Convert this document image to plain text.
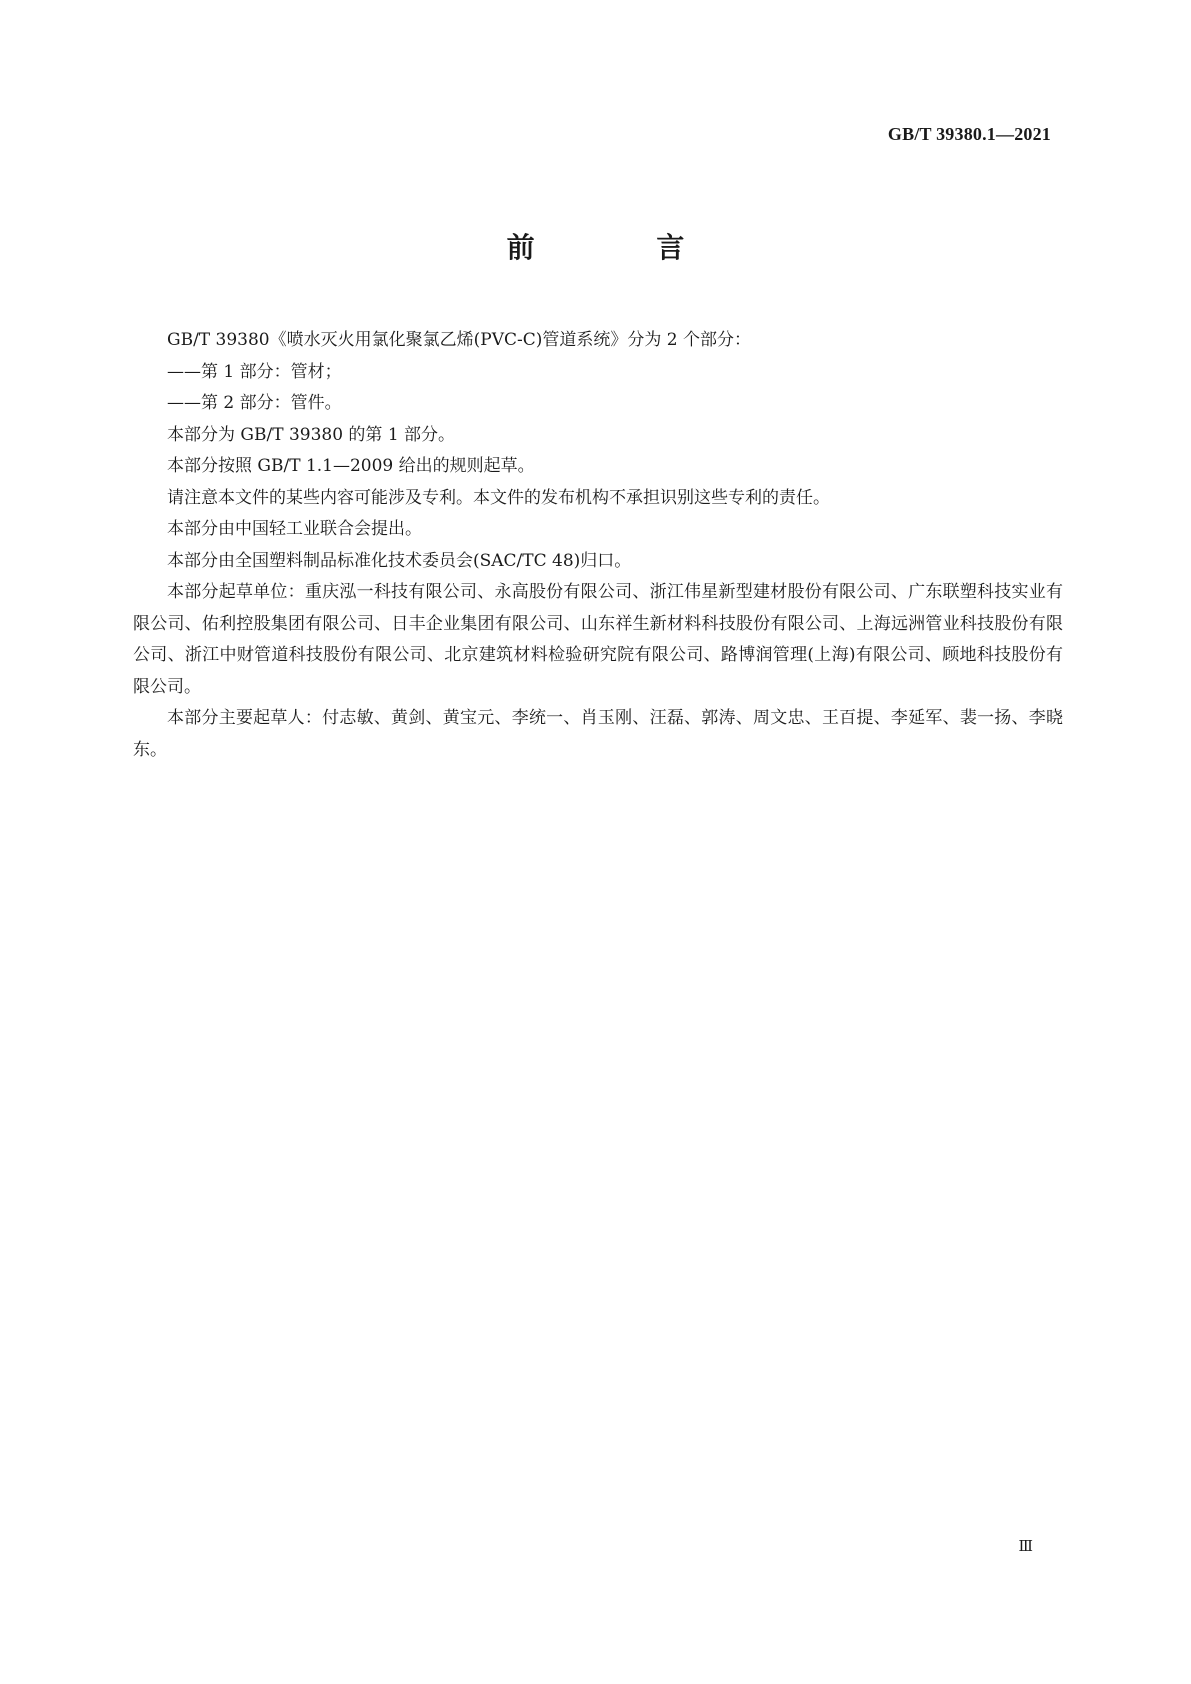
GB/T 39380.1—2021
前 言

GB/T 39380《喷水灭火用氯化聚氯乙烯(PVC-C)管道系统》分为 2 个部分：

——第 1 部分：管材；

——第 2 部分：管件。

本部分为 GB/T 39380 的第 1 部分。

本部分按照 GB/T 1.1—2009 给出的规则起草。

请注意本文件的某些内容可能涉及专利。本文件的发布机构不承担识别这些专利的责任。

本部分由中国轻工业联合会提出。

本部分由全国塑料制品标准化技术委员会(SAC/TC 48)归口。

本部分起草单位：重庆泓一科技有限公司、永高股份有限公司、浙江伟星新型建材股份有限公司、广东联塑科技实业有限公司、佑利控股集团有限公司、日丰企业集团有限公司、山东祥生新材料科技股份有限公司、上海远洲管业科技股份有限公司、浙江中财管道科技股份有限公司、北京建筑材料检验研究院有限公司、路博润管理(上海)有限公司、顾地科技股份有限公司。

本部分主要起草人：付志敏、黄剑、黄宝元、李统一、肖玉刚、汪磊、郭涛、周文忠、王百提、李延军、裴一扬、李晓东。

Ⅲ
